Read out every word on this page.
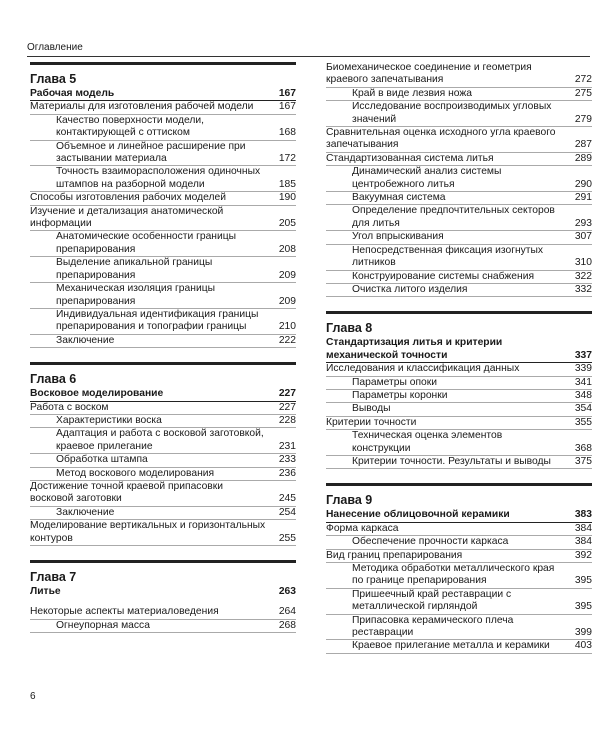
Оглавление
Глава 5
Рабочая модель	167
Материалы для изготовления рабочей модели	167
Качество поверхности модели, контактирующей с оттиском	168
Объемное и линейное расширение при застывании материала	172
Точность взаиморасположения одиночных штампов на разборной модели	185
Способы изготовления рабочих моделей	190
Изучение и детализация анатомической информации	205
Анатомические особенности границы препарирования	208
Выделение апикальной границы препарирования	209
Механическая изоляция границы препарирования	209
Индивидуальная идентификация границы препарирования и топографии границы	210
Заключение	222
Глава 6
Восковое моделирование	227
Работа с воском	227
Характеристики воска	228
Адаптация и работа с восковой заготовкой, краевое прилегание	231
Обработка штампа	233
Метод воскового моделирования	236
Достижение точной краевой припасовки восковой заготовки	245
Заключение	254
Моделирование вертикальных и горизонтальных контуров	255
Глава 7
Литье	263
Некоторые аспекты материаловедения	264
Огнеупорная масса	268
Биомеханическое соединение и геометрия краевого запечатывания	272
Край в виде лезвия ножа	275
Исследование воспроизводимых угловых значений	279
Сравнительная оценка исходного угла краевого запечатывания	287
Стандартизованная система литья	289
Динамический анализ системы центробежного литья	290
Вакуумная система	291
Определение предпочтительных секторов для литья	293
Угол впрыскивания	307
Непосредственная фиксация изогнутых литников	310
Конструирование системы снабжения	322
Очистка литого изделия	332
Глава 8
Стандартизация литья и критерии механической точности	337
Исследования и классификация данных	339
Параметры опоки	341
Параметры коронки	348
Выводы	354
Критерии точности	355
Техническая оценка элементов конструкции	368
Критерии точности. Результаты и выводы	375
Глава 9
Нанесение облицовочной керамики	383
Форма каркаса	384
Обеспечение прочности каркаса	384
Вид границ препарирования	392
Методика обработки металлического края по границе препарирования	395
Пришеечный край реставрации с металлической гирляндой	395
Припасовка керамического плеча реставрации	399
Краевое прилегание металла и керамики	403
6
